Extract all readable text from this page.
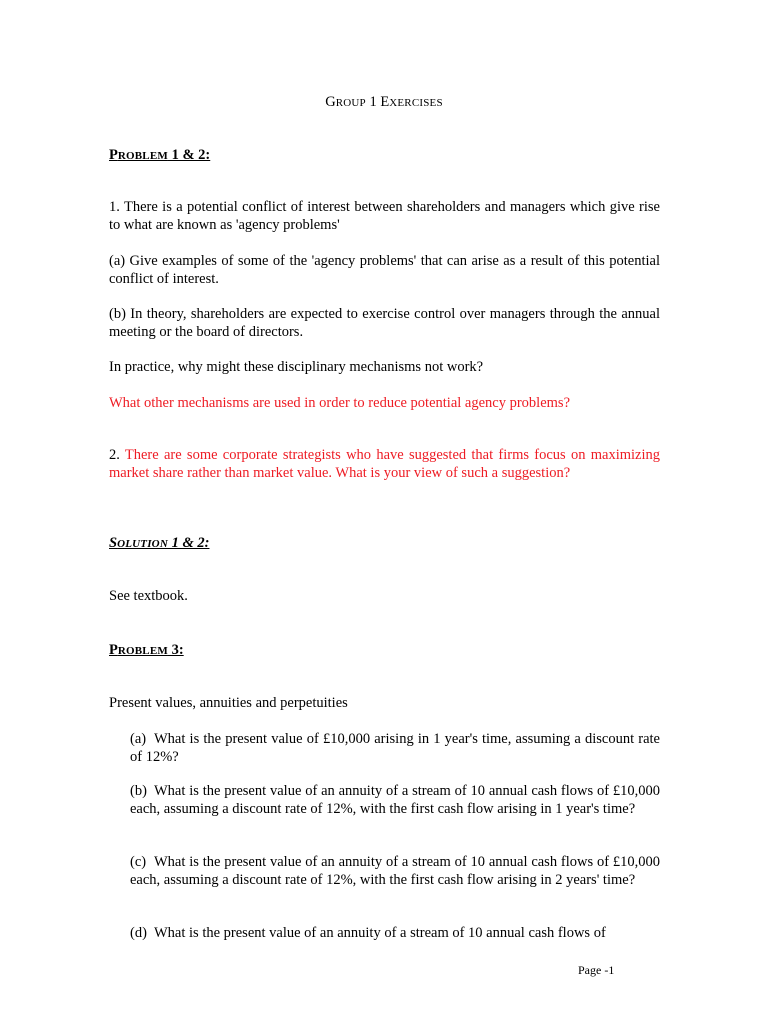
GROUP 1 EXERCISES

PROBLEM 1 & 2:

1. There is a potential conflict of interest between shareholders and managers which give rise to what are known as 'agency problems'

(a) Give examples of some of the 'agency problems' that can arise as a result of this potential conflict of interest.

(b) In theory, shareholders are expected to exercise control over managers through the annual meeting or the board of directors.

In practice, why might these disciplinary mechanisms not work?

What other mechanisms are used in order to reduce potential agency problems?

2. There are some corporate strategists who have suggested that firms focus on maximizing market share rather than market value. What is your view of such a suggestion?

SOLUTION 1 & 2:

See textbook.

PROBLEM 3:

Present values, annuities and perpetuities

(a) What is the present value of £10,000 arising in 1 year's time, assuming a discount rate of 12%?

(b) What is the present value of an annuity of a stream of 10 annual cash flows of £10,000 each, assuming a discount rate of 12%, with the first cash flow arising in 1 year's time?

(c) What is the present value of an annuity of a stream of 10 annual cash flows of £10,000 each, assuming a discount rate of 12%, with the first cash flow arising in 2 years' time?

(d) What is the present value of an annuity of a stream of 10 annual cash flows of

Page -1
